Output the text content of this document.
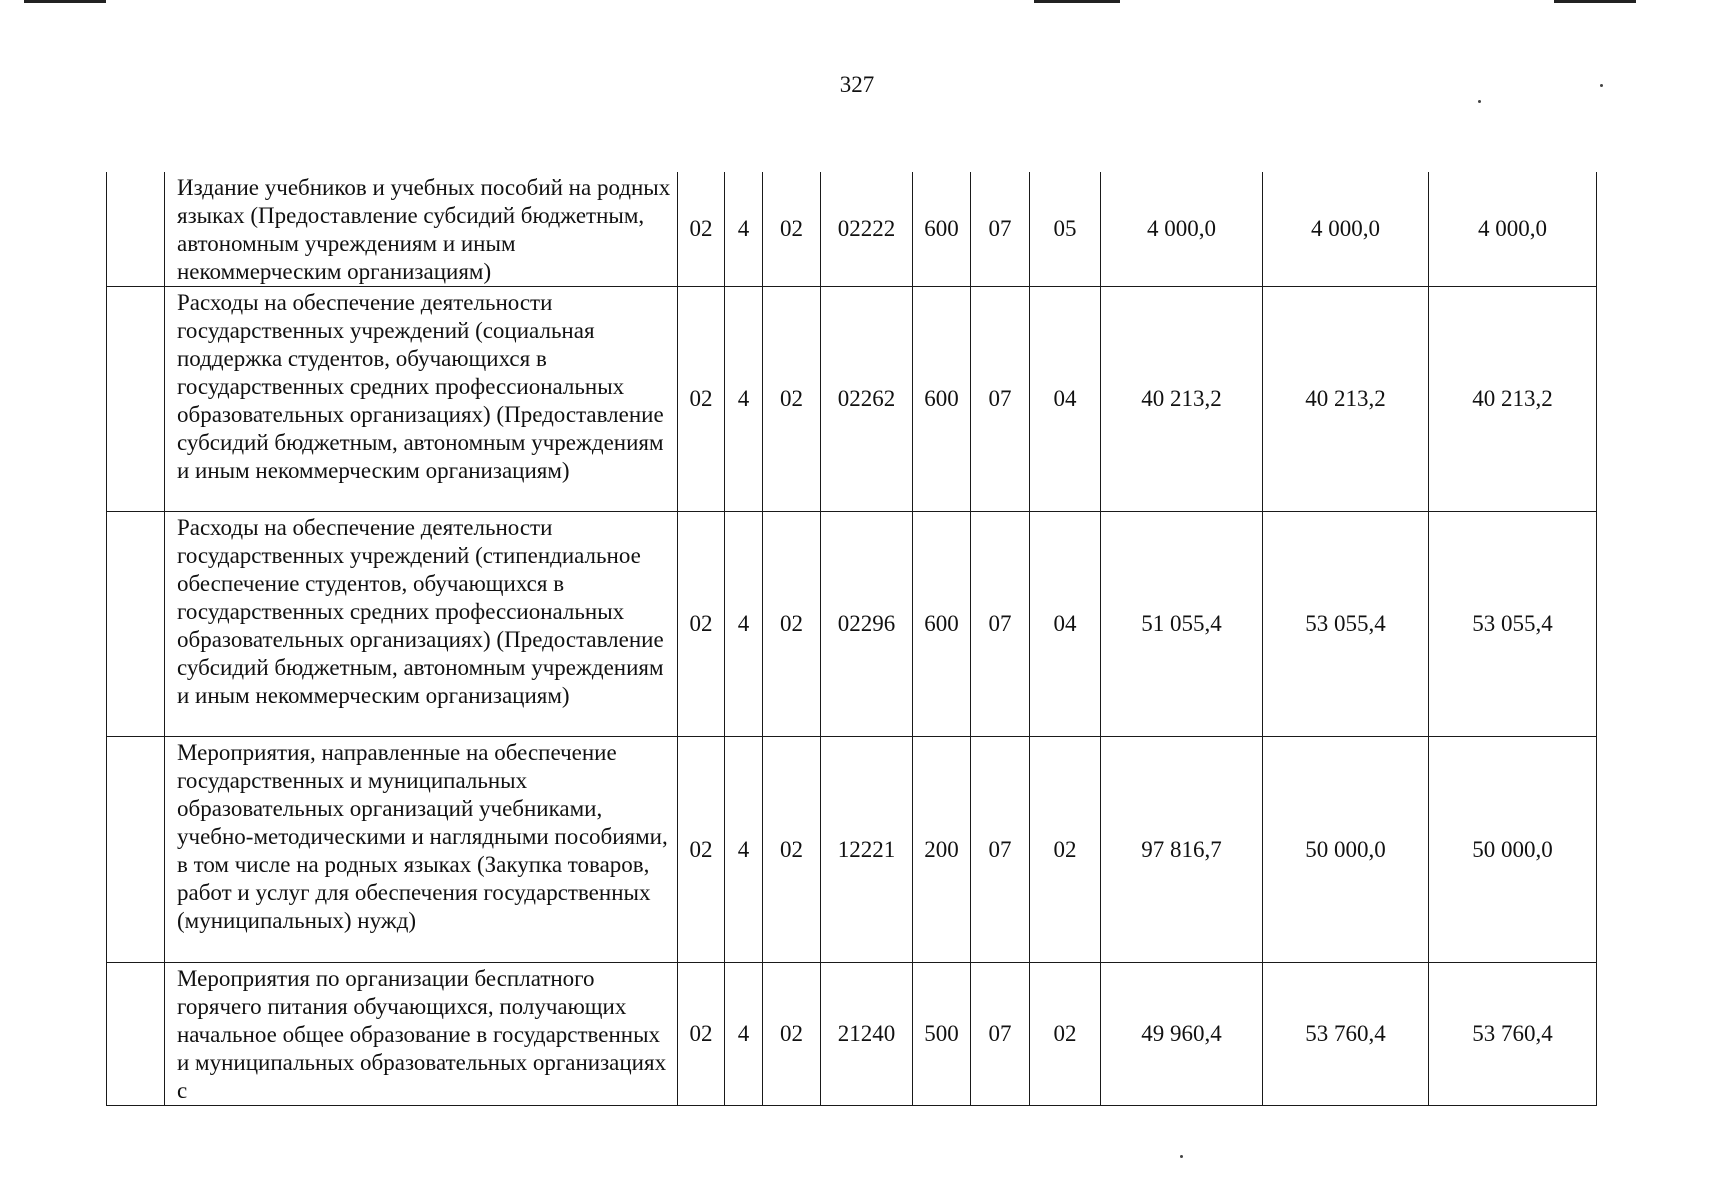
327
	Издание учебников и учебных пособий на родных языках (Предоставление субсидий бюджетным, автономным учреждениям и иным некоммерческим организациям)	02	4	02	02222	600	07	05	4 000,0	4 000,0	4 000,0
	Расходы на обеспечение деятельности государственных учреждений (социальная поддержка студентов, обучающихся в государственных средних профессиональных образовательных организациях) (Предоставление субсидий бюджетным, автономным учреждениям и иным некоммерческим организациям)	02	4	02	02262	600	07	04	40 213,2	40 213,2	40 213,2
	Расходы на обеспечение деятельности государственных учреждений (стипендиальное обеспечение студентов, обучающихся в государственных средних профессиональных образовательных организациях) (Предоставление субсидий бюджетным, автономным учреждениям и иным некоммерческим организациям)	02	4	02	02296	600	07	04	51 055,4	53 055,4	53 055,4
	Мероприятия, направленные на обеспечение государственных и муниципальных образовательных организаций учебниками, учебно-методическими и наглядными пособиями, в том числе на родных языках (Закупка товаров, работ и услуг для обеспечения государственных (муниципальных) нужд)	02	4	02	12221	200	07	02	97 816,7	50 000,0	50 000,0
	Мероприятия по организации бесплатного горячего питания обучающихся, получающих начальное общее образование в государственных и муниципальных образовательных организациях с	02	4	02	21240	500	07	02	49 960,4	53 760,4	53 760,4
